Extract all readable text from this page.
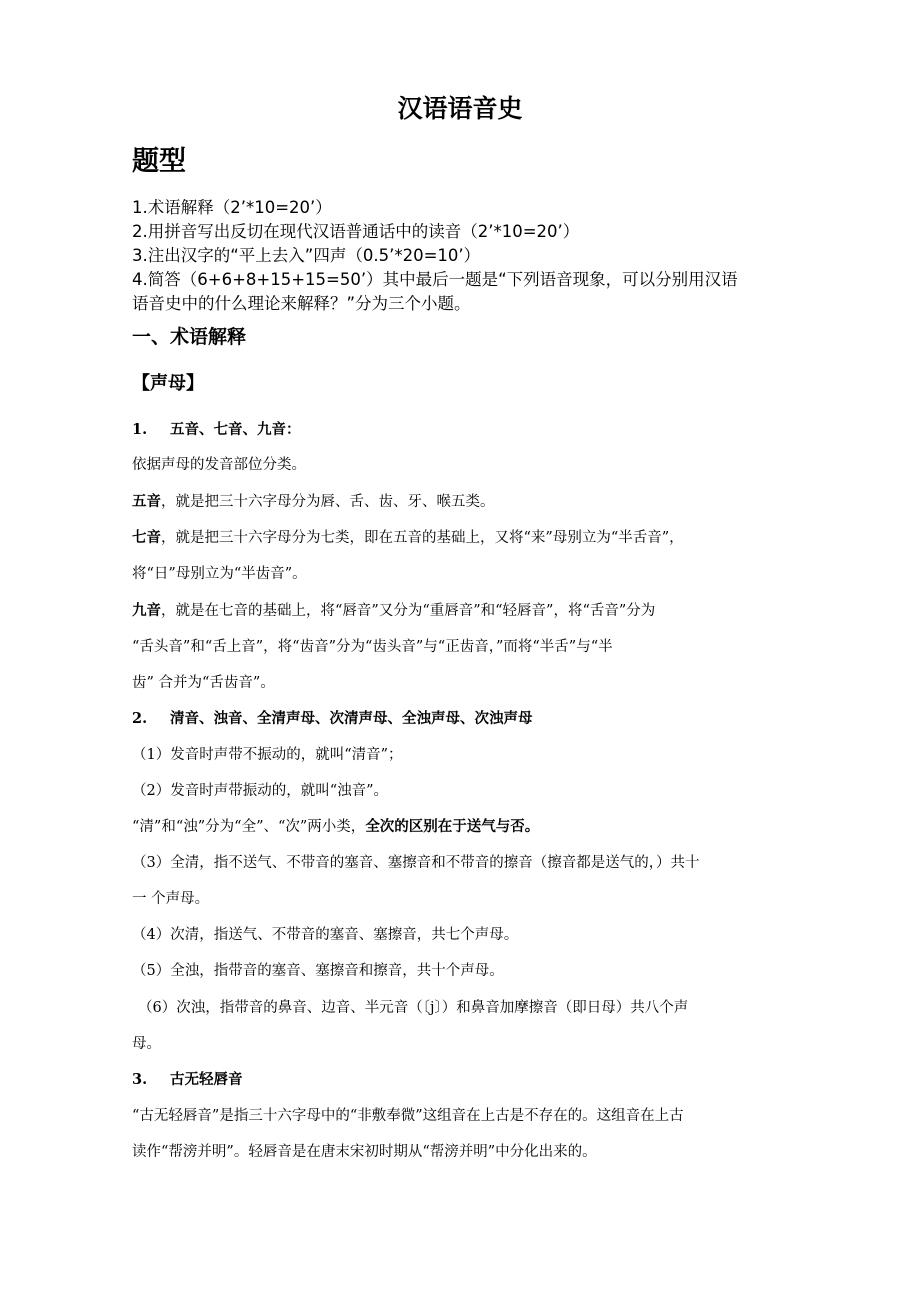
汉语语音史
题型

1.术语解释（2’*10=20’）

2.用拼音写出反切在现代汉语普通话中的读音（2’*10=20’）

3.注出汉字的“平上去入”四声（0.5’*20=10’）

4.简答（6+6+8+15+15=50’）其中最后一题是“下列语音现象，可以分别用汉语

语音史中的什么理论来解释？”分为三个小题。

一、术语解释
【声母】
1. 五音、七音、九音：
依据声母的发音部位分类。
五音，就是把三十六字母分为唇、舌、齿、牙、喉五类。
七音，就是把三十六字母分为七类，即在五音的基础上，又将“来”母别立为“半舌音”，
将“日”母别立为“半齿音”。
九音，就是在七音的基础上，将“唇音”又分为“重唇音”和“轻唇音”，将“舌音”分为
“舌头音”和“舌上音”，将“齿音”分为“齿头音”与“正齿音，”而将“半舌”与“半
齿” 合并为“舌齿音”。
2. 清音、浊音、全清声母、次清声母、全浊声母、次浊声母
（1）发音时声带不振动的，就叫“清音”；
（2）发音时声带振动的，就叫“浊音”。
“清”和“浊”分为“全”、“次”两小类，全次的区别在于送气与否。
（3）全清，指不送气、不带音的塞音、塞擦音和不带音的擦音（擦音都是送气的，）共十
一 个声母。
（4）次清，指送气、不带音的塞音、塞擦音，共七个声母。
（5）全浊，指带音的塞音、塞擦音和擦音，共十个声母。
（6）次浊，指带音的鼻音、边音、半元音（〔j〕）和鼻音加摩擦音（即日母）共八个声
母。
3. 古无轻唇音
“古无轻唇音”是指三十六字母中的“非敷奉微”这组音在上古是不存在的。这组音在上古
读作“帮滂并明”。轻唇音是在唐末宋初时期从“帮滂并明”中分化出来的。
